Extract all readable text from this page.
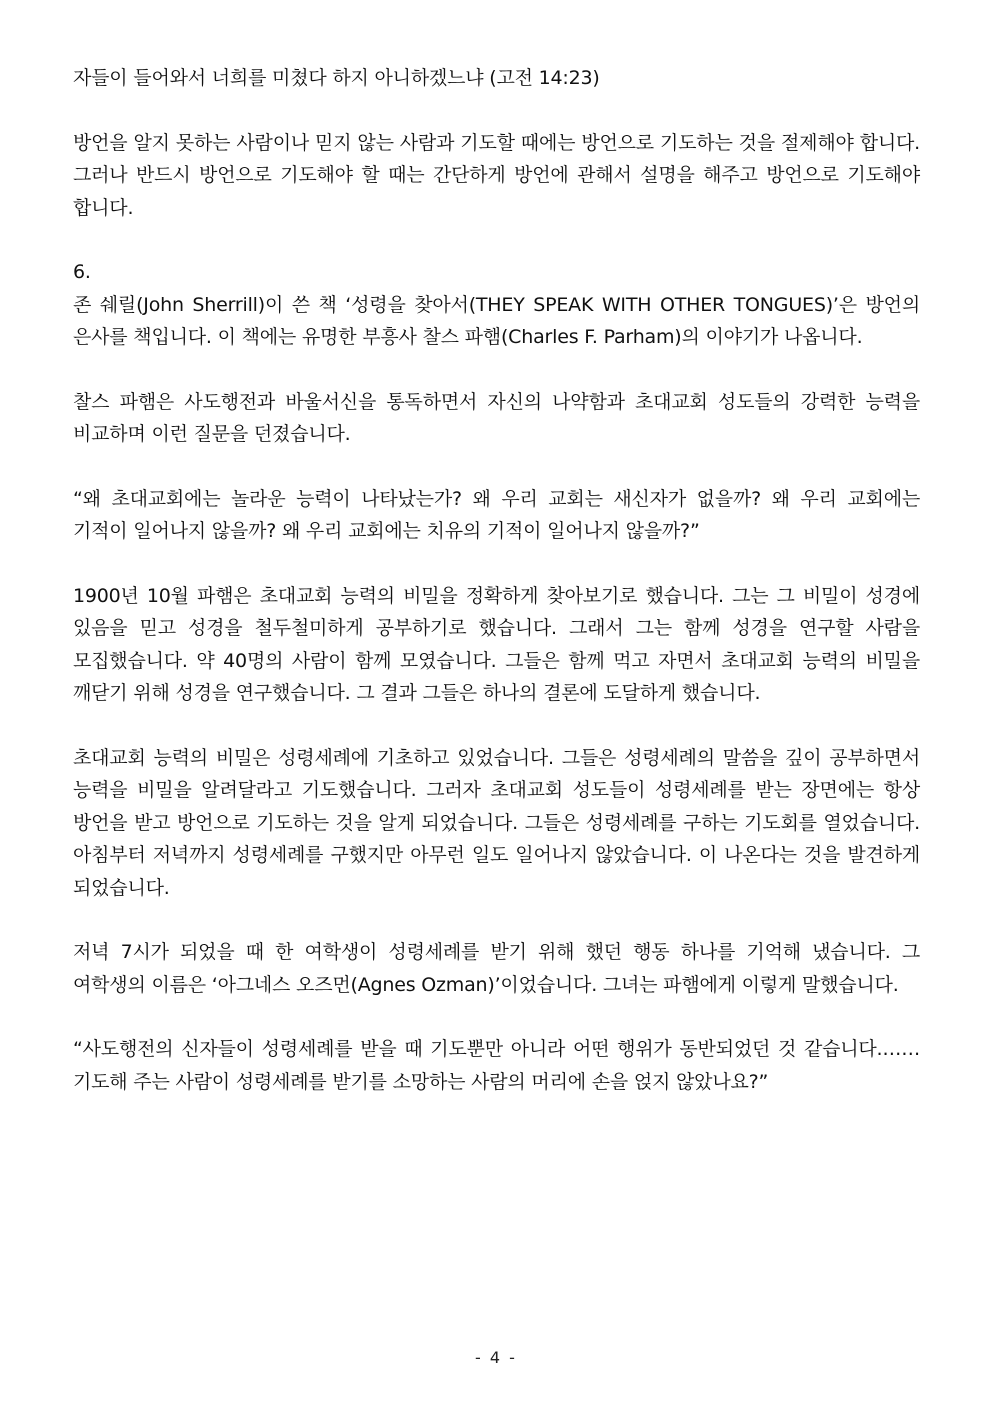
자들이 들어와서 너희를 미쳤다 하지 아니하겠느냐 (고전 14:23)

방언을 알지 못하는 사람이나 믿지 않는 사람과 기도할 때에는 방언으로 기도하는 것을 절제해야 합니다. 그러나 반드시 방언으로 기도해야 할 때는 간단하게 방언에 관해서 설명을 해주고 방언으로 기도해야 합니다.

6.

존 쉐릴(John Sherrill)이 쓴 책 ‘성령을 찾아서(THEY SPEAK WITH OTHER TONGUES)’은 방언의 은사를 책입니다. 이 책에는 유명한 부흥사 찰스 파햄(Charles F. Parham)의 이야기가 나옵니다.

찰스 파햄은 사도행전과 바울서신을 통독하면서 자신의 나약함과 초대교회 성도들의 강력한 능력을 비교하며 이런 질문을 던졌습니다.

“왜 초대교회에는 놀라운 능력이 나타났는가? 왜 우리 교회는 새신자가 없을까? 왜 우리 교회에는 기적이 일어나지 않을까? 왜 우리 교회에는 치유의 기적이 일어나지 않을까?”

1900년 10월 파햄은 초대교회 능력의 비밀을 정확하게 찾아보기로 했습니다. 그는 그 비밀이 성경에 있음을 믿고 성경을 철두철미하게 공부하기로 했습니다. 그래서 그는 함께 성경을 연구할 사람을 모집했습니다. 약 40명의 사람이 함께 모였습니다. 그들은 함께 먹고 자면서 초대교회 능력의 비밀을 깨닫기 위해 성경을 연구했습니다. 그 결과 그들은 하나의 결론에 도달하게 했습니다.

초대교회 능력의 비밀은 성령세례에 기초하고 있었습니다. 그들은 성령세례의 말씀을 깊이 공부하면서 능력을 비밀을 알려달라고 기도했습니다. 그러자 초대교회 성도들이 성령세례를 받는 장면에는 항상 방언을 받고 방언으로 기도하는 것을 알게 되었습니다. 그들은 성령세례를 구하는 기도회를 열었습니다. 아침부터 저녁까지 성령세례를 구했지만 아무런 일도 일어나지 않았습니다. 이 나온다는 것을 발견하게 되었습니다.

저녁 7시가 되었을 때 한 여학생이 성령세례를 받기 위해 했던 행동 하나를 기억해 냈습니다. 그 여학생의 이름은 ‘아그네스 오즈먼(Agnes Ozman)’이었습니다. 그녀는 파햄에게 이렇게 말했습니다.

“사도행전의 신자들이 성령세례를 받을 때 기도뿐만 아니라 어떤 행위가 동반되었던 것 같습니다.…… 기도해 주는 사람이 성령세례를 받기를 소망하는 사람의 머리에 손을 얹지 않았나요?”

- 4 -
